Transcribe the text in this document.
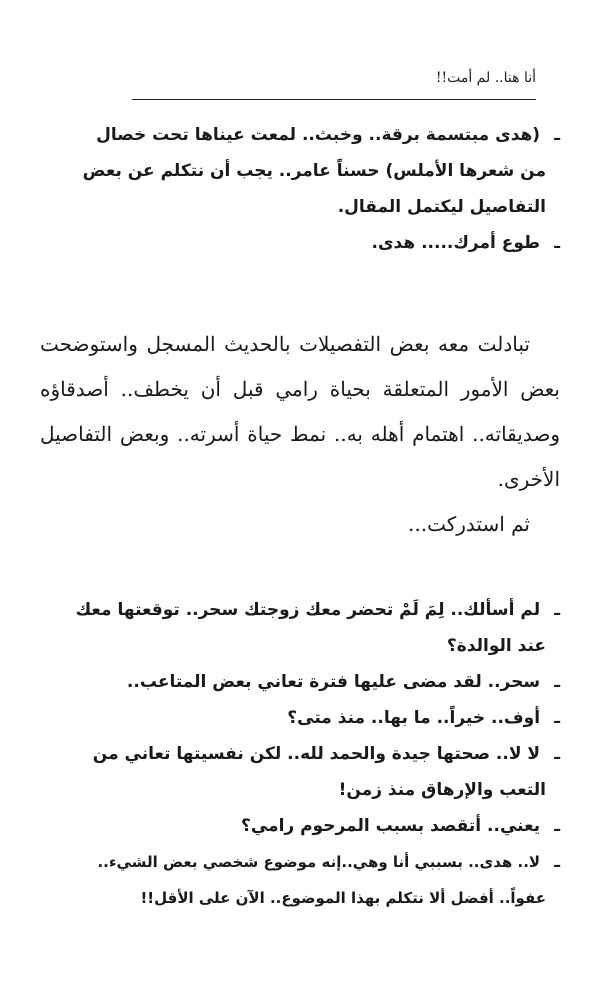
أنا هنا.. لم أمت!!

ـ (هدى مبتسمة برقة.. وخبث.. لمعت عيناها تحت خصال

من شعرها الأملس) حسناً عامر.. يجب أن نتكلم عن بعض

التفاصيل ليكتمل المقال.

ـ طوع أمرك..... هدى.

تبادلت معه بعض التفصيلات بالحديث المسجل واستوضحت بعض الأمور المتعلقة بحياة رامي قبل أن يخطف.. أصدقاؤه وصديقاته.. اهتمام أهله به.. نمط حياة أسرته.. وبعض التفاصيل الأخرى.

ثم استدركت...

ـ لم أسألك.. لِمَ لَمْ تحضر معك زوجتك سحر.. توقعتها معك

عند الوالدة؟

ـ سحر.. لقد مضى عليها فترة تعاني بعض المتاعب..

ـ أوف.. خيراً.. ما بها.. منذ متى؟

ـ لا لا.. صحتها جيدة والحمد لله.. لكن نفسيتها تعاني من

التعب والإرهاق منذ زمن!

ـ يعني.. أتقصد بسبب المرحوم رامي؟

ـ لا.. هدى.. بسببي أنا وهي..إنه موضوع شخصي بعض الشيء..

عفواً.. أفضل ألا نتكلم بهذا الموضوع.. الآن على الأقل!!
